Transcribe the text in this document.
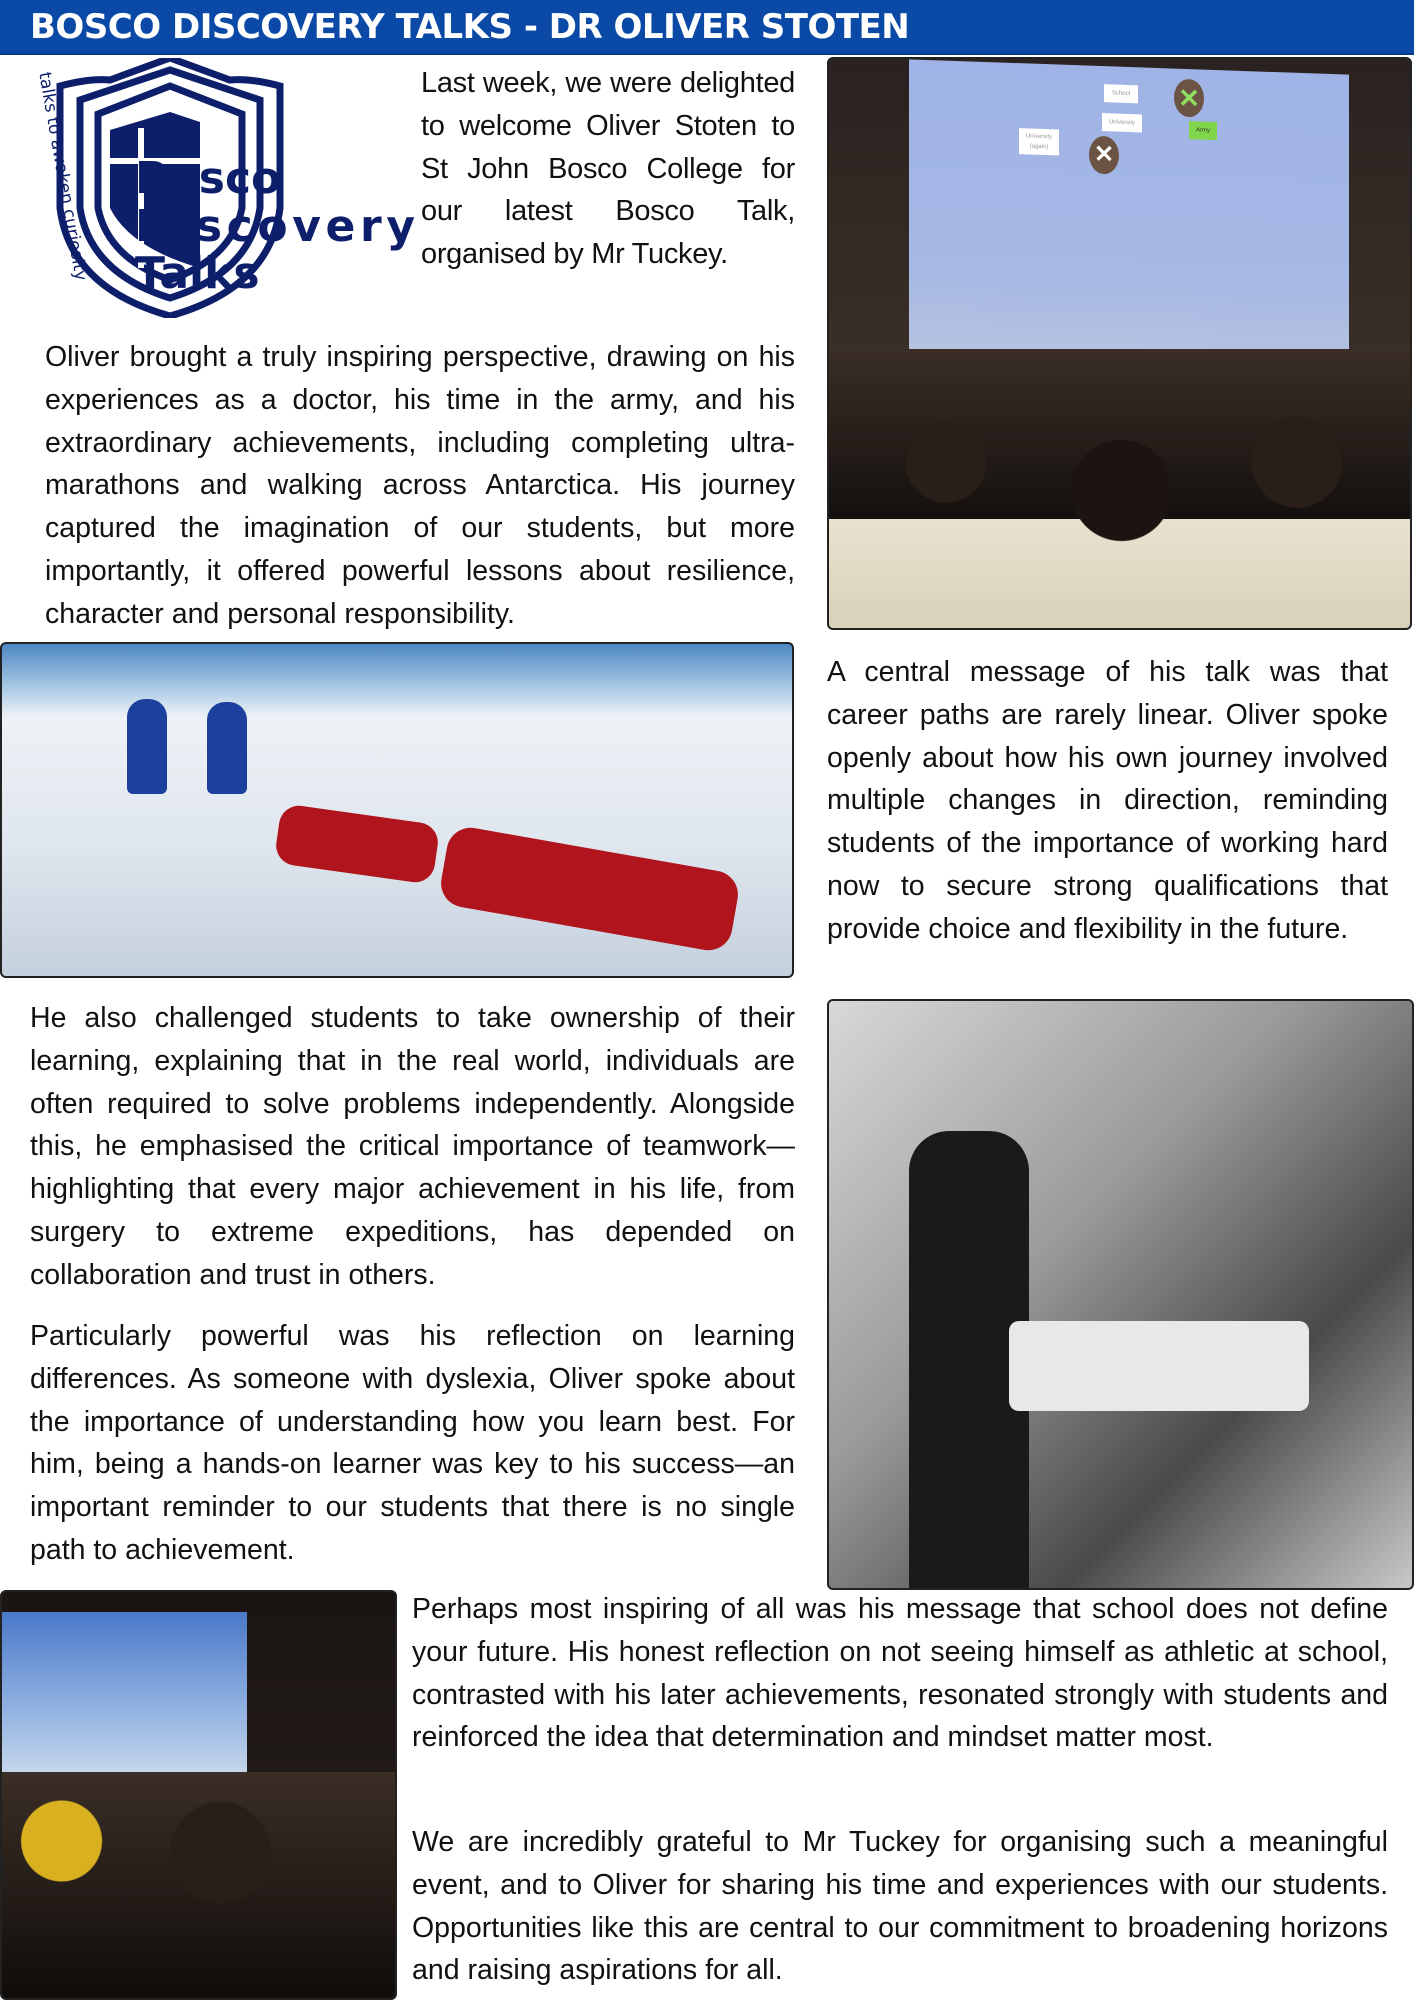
BOSCO DISCOVERY TALKS - DR OLIVER STOTEN
talks to awaken curiosity Bosco
Discovery
Talks
Last week, we were delighted to welcome Oliver Stoten to St John Bosco College for our latest Bosco Talk, organised by Mr Tuckey.
School
University
University (again)
Army
✕
✕
Oliver brought a truly inspiring perspective, drawing on his experiences as a doctor, his time in the army, and his extraordinary achievements, including completing ultra-marathons and walking across Antarctica. His journey captured the imagination of our students, but more importantly, it offered powerful lessons about resilience, character and personal responsibility.
A central message of his talk was that career paths are rarely linear. Oliver spoke openly about how his own journey involved multiple changes in direction, reminding students of the importance of working hard now to secure strong qualifications that provide choice and flexibility in the future.
He also challenged students to take ownership of their learning, explaining that in the real world, individuals are often required to solve problems independently. Alongside this, he emphasised the critical importance of teamwork—highlighting that every major achievement in his life, from surgery to extreme expeditions, has depended on collaboration and trust in others.
Particularly powerful was his reflection on learning differences. As someone with dyslexia, Oliver spoke about the importance of understanding how you learn best. For him, being a hands-on learner was key to his success—an important reminder to our students that there is no single path to achievement.
Perhaps most inspiring of all was his message that school does not define your future. His honest reflection on not seeing himself as athletic at school, contrasted with his later achievements, resonated strongly with students and reinforced the idea that determination and mindset matter most.
We are incredibly grateful to Mr Tuckey for organising such a meaningful event, and to Oliver for sharing his time and experiences with our students. Opportunities like this are central to our commitment to broadening horizons and raising aspirations for all.
